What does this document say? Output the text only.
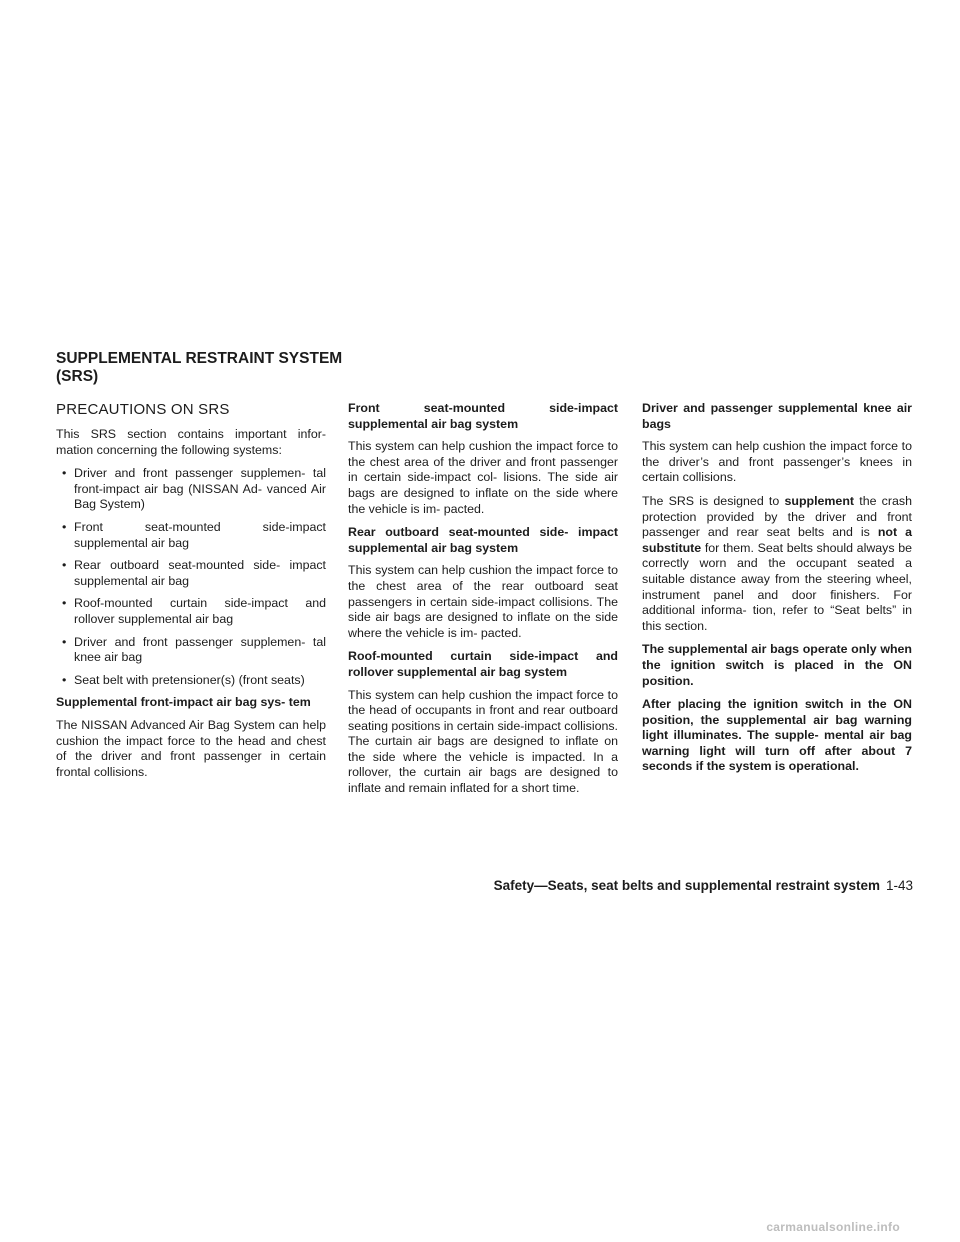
SUPPLEMENTAL RESTRAINT SYSTEM (SRS)
PRECAUTIONS ON SRS

This SRS section contains important infor- mation concerning the following systems:

• Driver and front passenger supplemen- tal front-impact air bag (NISSAN Ad- vanced Air Bag System)
• Front seat-mounted side-impact supplemental air bag
• Rear outboard seat-mounted side- impact supplemental air bag
• Roof-mounted curtain side-impact and rollover supplemental air bag
• Driver and front passenger supplemen- tal knee air bag
• Seat belt with pretensioner(s) (front seats)
Supplemental front-impact air bag sys- tem

The NISSAN Advanced Air Bag System can help cushion the impact force to the head and chest of the driver and front passenger in certain frontal collisions.

Front seat-mounted side-impact supplemental air bag system

This system can help cushion the impact force to the chest area of the driver and front passenger in certain side-impact col- lisions. The side air bags are designed to inflate on the side where the vehicle is im- pacted.

Rear outboard seat-mounted side- impact supplemental air bag system

This system can help cushion the impact force to the chest area of the rear outboard seat passengers in certain side-impact collisions. The side air bags are designed to inflate on the side where the vehicle is im- pacted.

Roof-mounted curtain side-impact and rollover supplemental air bag system

This system can help cushion the impact force to the head of occupants in front and rear outboard seating positions in certain side-impact collisions. The curtain air bags are designed to inflate on the side where the vehicle is impacted. In a rollover, the curtain air bags are designed to inflate and remain inflated for a short time.

Driver and passenger supplemental knee air bags

This system can help cushion the impact force to the driver’s and front passenger’s knees in certain collisions.

The SRS is designed to supplement the crash protection provided by the driver and front passenger and rear seat belts and is not a substitute for them. Seat belts should always be correctly worn and the occupant seated a suitable distance away from the steering wheel, instrument panel and door finishers. For additional informa- tion, refer to “Seat belts” in this section.

The supplemental air bags operate only when the ignition switch is placed in the ON position.

After placing the ignition switch in the ON position, the supplemental air bag warning light illuminates. The supple- mental air bag warning light will turn off after about 7 seconds if the system is operational.

Safety—Seats, seat belts and supplemental restraint system 1-43
carmanualsonline.info
